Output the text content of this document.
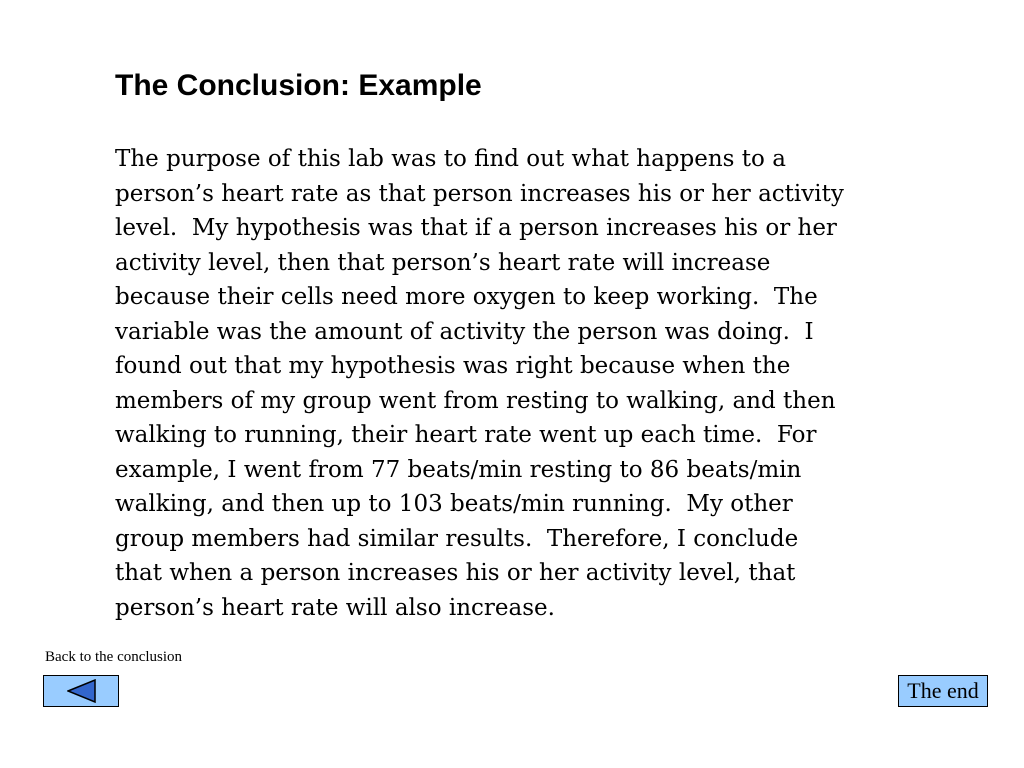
The Conclusion: Example
The purpose of this lab was to find out what happens to a
person’s heart rate as that person increases his or her activity
level.  My hypothesis was that if a person increases his or her
activity level, then that person’s heart rate will increase
because their cells need more oxygen to keep working.  The
variable was the amount of activity the person was doing.  I
found out that my hypothesis was right because when the
members of my group went from resting to walking, and then
walking to running, their heart rate went up each time.  For
example, I went from 77 beats/min resting to 86 beats/min
walking, and then up to 103 beats/min running.  My other
group members had similar results.  Therefore, I conclude
that when a person increases his or her activity level, that
person’s heart rate will also increase.
Back to the conclusion
The end
